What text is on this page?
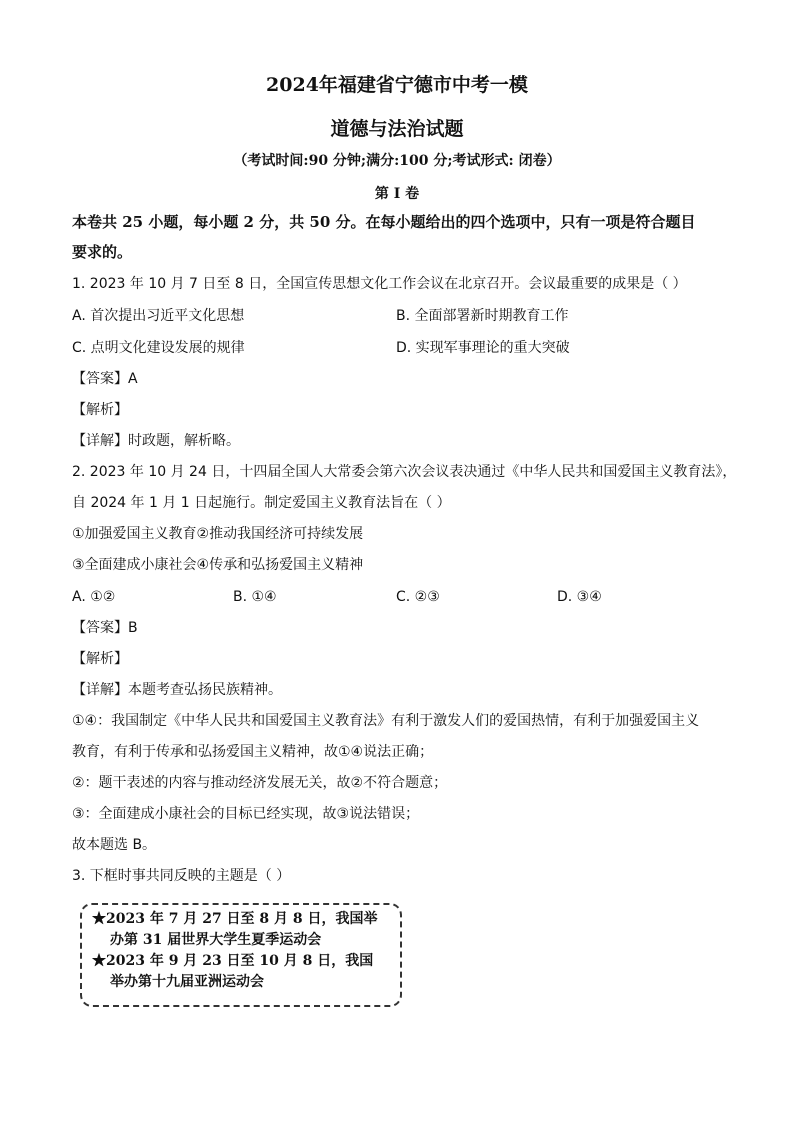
2024年福建省宁德市中考一模
道德与法治试题
（考试时间:90 分钟;满分:100 分;考试形式: 闭卷）
第 I 卷
本卷共 25 小题，每小题 2 分，共 50 分。在每小题给出的四个选项中，只有一项是符合题目
要求的。
1. 2023 年 10 月 7 日至 8 日，全国宣传思想文化工作会议在北京召开。会议最重要的成果是（ ）
A. 首次提出习近平文化思想	B. 全面部署新时期教育工作
C. 点明文化建设发展的规律	D. 实现军事理论的重大突破
【答案】A
【解析】
【详解】时政题，解析略。
2. 2023 年 10 月 24 日，十四届全国人大常委会第六次会议表决通过《中华人民共和国爱国主义教育法》，
自 2024 年 1 月 1 日起施行。制定爱国主义教育法旨在（ ）
①加强爱国主义教育②推动我国经济可持续发展
③全面建成小康社会④传承和弘扬爱国主义精神
A. ①②	B. ①④	C. ②③	D. ③④
【答案】B
【解析】
【详解】本题考查弘扬民族精神。
①④：我国制定《中华人民共和国爱国主义教育法》有利于激发人们的爱国热情，有利于加强爱国主义
教育，有利于传承和弘扬爱国主义精神，故①④说法正确；
②：题干表述的内容与推动经济发展无关，故②不符合题意；
③：全面建成小康社会的目标已经实现，故③说法错误；
故本题选 B。
3. 下框时事共同反映的主题是（ ）
★2023 年 7 月 27 日至 8 月 8 日，我国举
办第 31 届世界大学生夏季运动会
★2023 年 9 月 23 日至 10 月 8 日，我国
举办第十九届亚洲运动会
